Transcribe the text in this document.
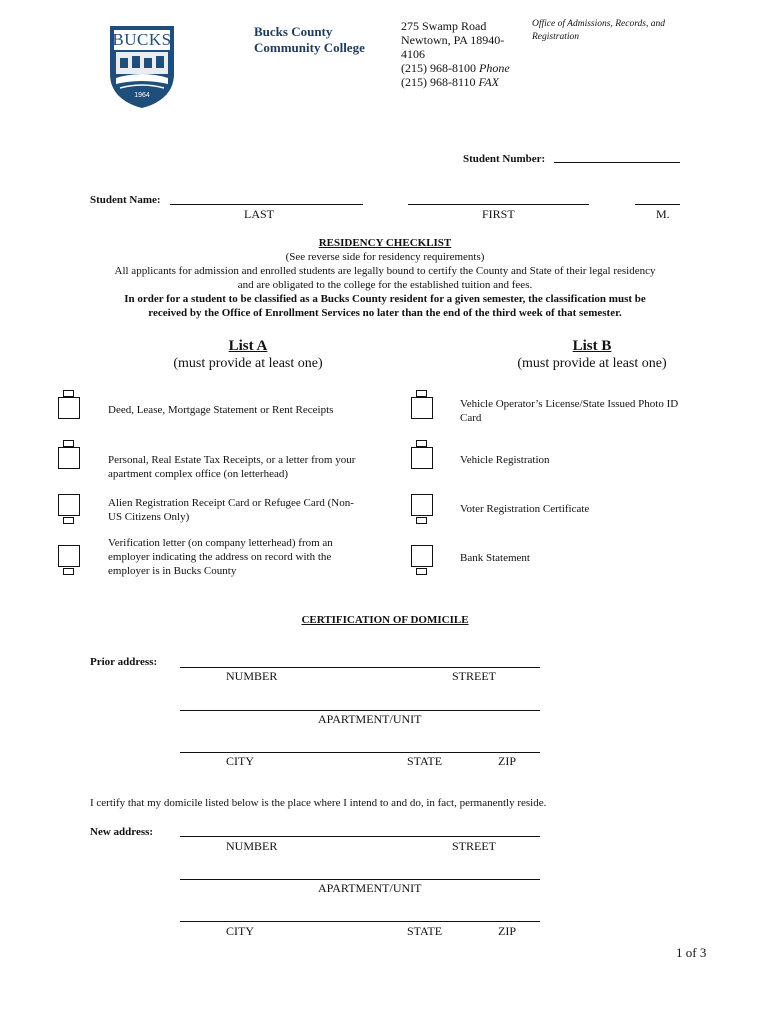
BUCKS
1964
Bucks County
Community College
275 Swamp Road
Newtown, PA 18940-
4106
(215) 968-8100 Phone
(215) 968-8110 FAX
Office of Admissions, Records, and
Registration
Student Number:
Student Name:
LAST	FIRST	M.
RESIDENCY CHECKLIST
(See reverse side for residency requirements)
All applicants for admission and enrolled students are legally bound to certify the County and State of their legal residency
and are obligated to the college for the established tuition and fees.
In order for a student to be classified as a Bucks County resident for a given semester, the classification must be
received by the Office of Enrollment Services no later than the end of the third week of that semester.
List A
(must provide at least one)
List B
(must provide at least one)
Deed, Lease, Mortgage Statement or Rent Receipts
Personal, Real Estate Tax Receipts, or a letter from your
apartment complex office (on letterhead)
Alien Registration Receipt Card or Refugee Card (Non-
US Citizens Only)
Verification letter (on company letterhead) from an
employer indicating the address on record with the
employer is in Bucks County
Vehicle Operator’s License/State Issued Photo ID
Card
Vehicle Registration
Voter Registration Certificate
Bank Statement
CERTIFICATION OF DOMICILE
Prior address:
NUMBER	STREET
APARTMENT/UNIT
CITY	STATE	ZIP
I certify that my domicile listed below is the place where I intend to and do, in fact, permanently reside.
New address:
NUMBER	STREET
APARTMENT/UNIT
CITY	STATE	ZIP
1 of 3
